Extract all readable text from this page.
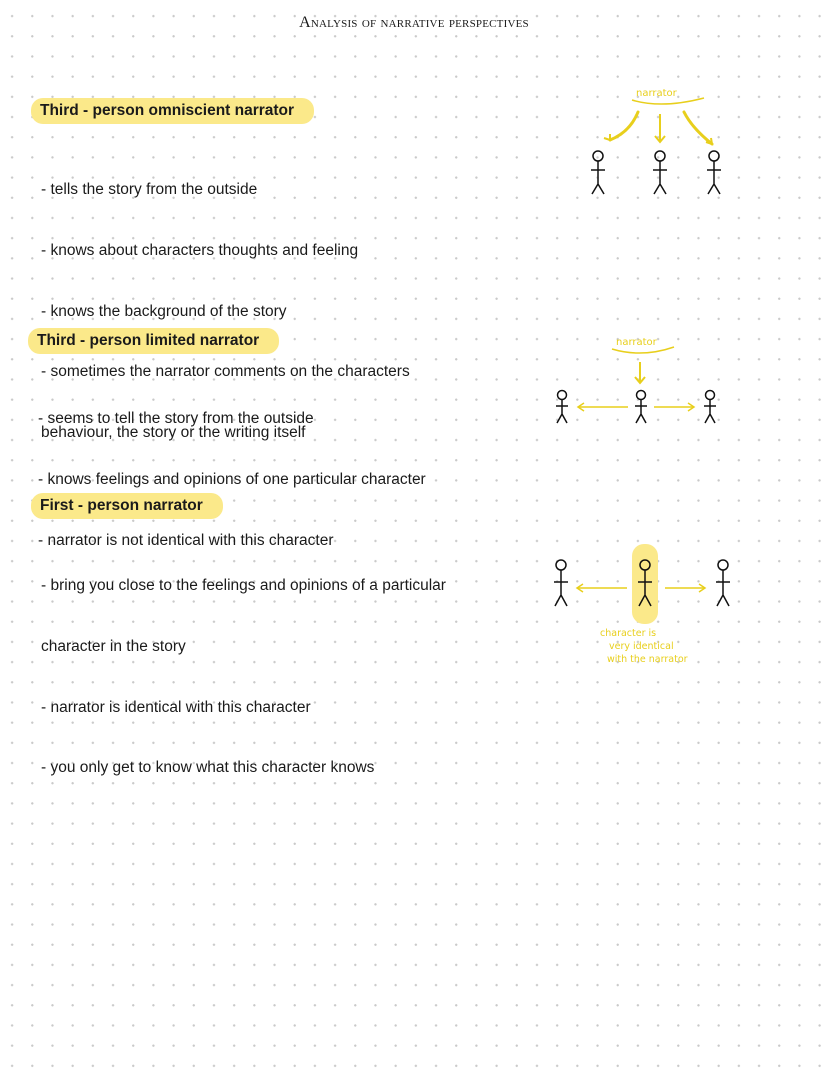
Analysis of narrative perspectives
Third - person omniscient narrator

- tells the story from the outside

- knows about characters thoughts and feeling

- knows the background of the story

- sometimes the narrator comments on the characters

behaviour, the story or the writing itself

narrator
Third - person limited narrator

- seems to tell the story from the outside

- knows feelings and opinions of one particular character

- narrator is not identical with this character

narrator
First - person narrator

- bring you close to the feelings and opinions of a particular

character in the story

- narrator is identical with this character

- you only get to know what this character knows

character is
very identical
with the narrator
